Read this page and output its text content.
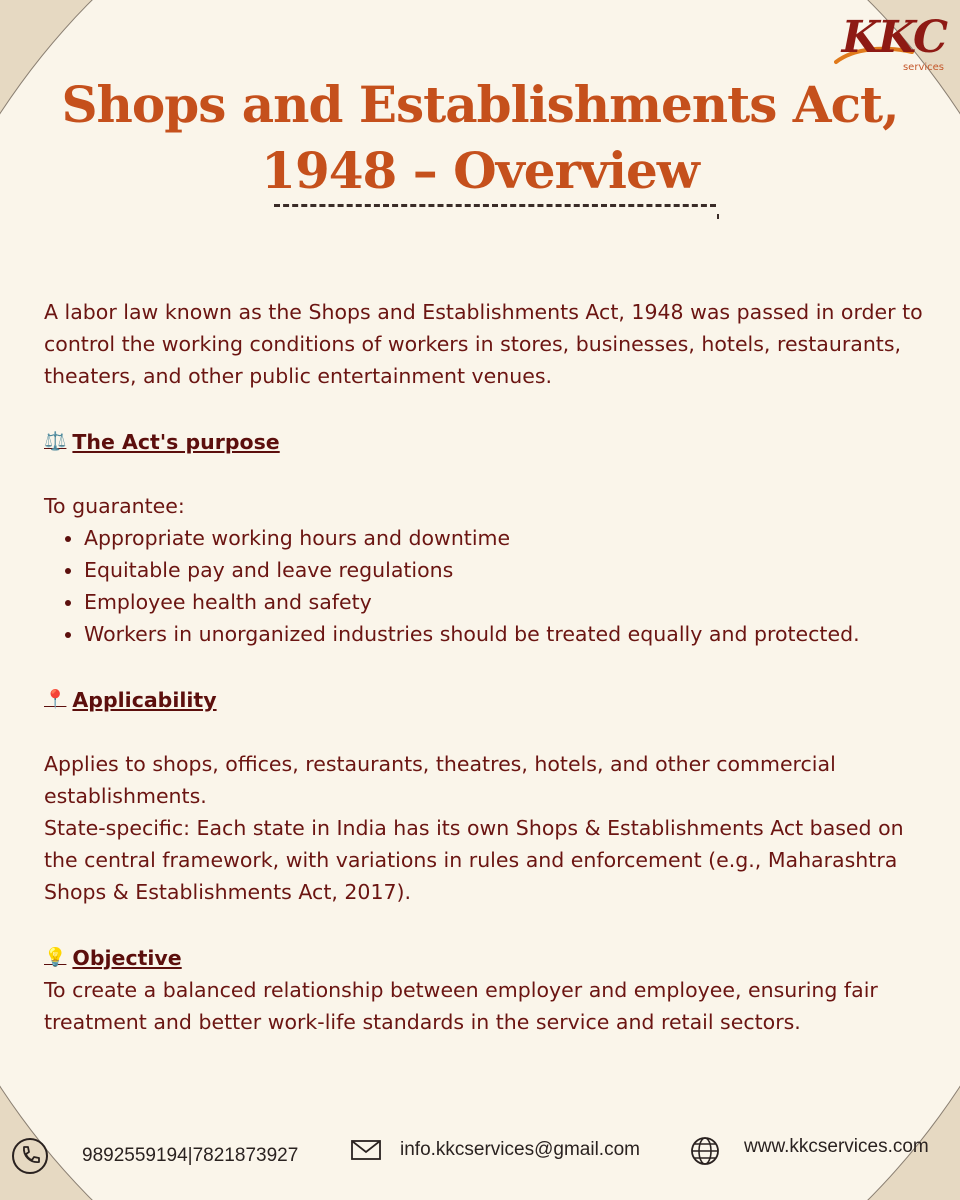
KKC
services
Shops and Establishments Act, 1948 – Overview

A labor law known as the Shops and Establishments Act, 1948 was passed in order to control the working conditions of workers in stores, businesses, hotels, restaurants, theaters, and other public entertainment venues.

⚖️ The Act's purpose

To guarantee:

• Appropriate working hours and downtime
• Equitable pay and leave regulations
• Employee health and safety
• Workers in unorganized industries should be treated equally and protected.
📍 Applicability

Applies to shops, offices, restaurants, theatres, hotels, and other commercial establishments.

State-specific: Each state in India has its own Shops & Establishments Act based on the central framework, with variations in rules and enforcement (e.g., Maharashtra Shops & Establishments Act, 2017).

💡 Objective

To create a balanced relationship between employer and employee, ensuring fair treatment and better work-life standards in the service and retail sectors.

9892559194|7821873927	info.kkcservices@gmail.com	www.kkcservices.com
